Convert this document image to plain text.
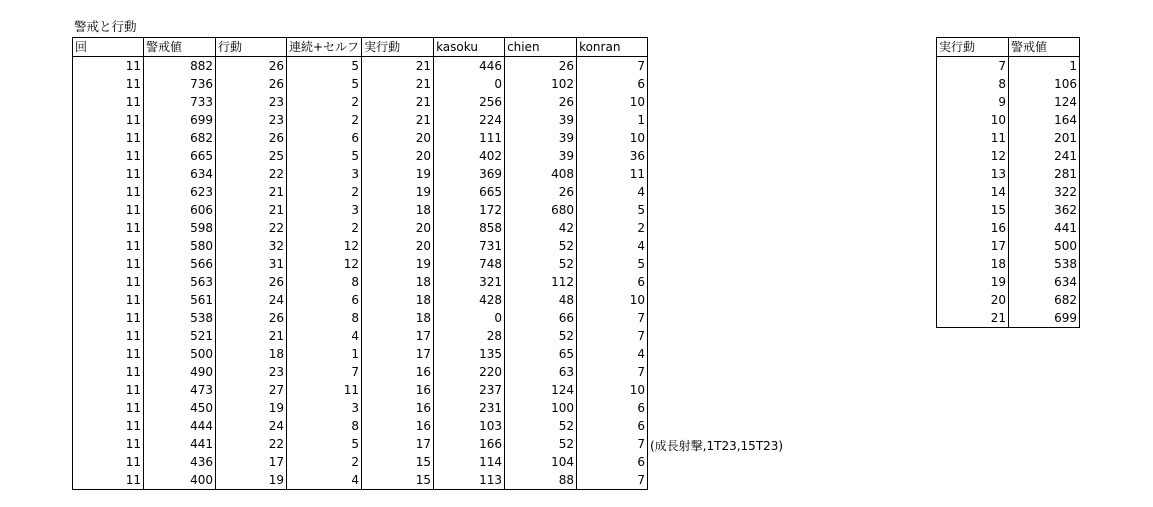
警戒と行動
回	警戒値	行動	連続+セルフ	実行動	kasoku	chien	konran
11	882	26	5	21	446	26	7
11	736	26	5	21	0	102	6
11	733	23	2	21	256	26	10
11	699	23	2	21	224	39	1
11	682	26	6	20	111	39	10
11	665	25	5	20	402	39	36
11	634	22	3	19	369	408	11
11	623	21	2	19	665	26	4
11	606	21	3	18	172	680	5
11	598	22	2	20	858	42	2
11	580	32	12	20	731	52	4
11	566	31	12	19	748	52	5
11	563	26	8	18	321	112	6
11	561	24	6	18	428	48	10
11	538	26	8	18	0	66	7
11	521	21	4	17	28	52	7
11	500	18	1	17	135	65	4
11	490	23	7	16	220	63	7
11	473	27	11	16	237	124	10
11	450	19	3	16	231	100	6
11	444	24	8	16	103	52	6
11	441	22	5	17	166	52	7
11	436	17	2	15	114	104	6
11	400	19	4	15	113	88	7
(成長射撃,1T23,15T23)
実行動	警戒値
7	1
8	106
9	124
10	164
11	201
12	241
13	281
14	322
15	362
16	441
17	500
18	538
19	634
20	682
21	699
